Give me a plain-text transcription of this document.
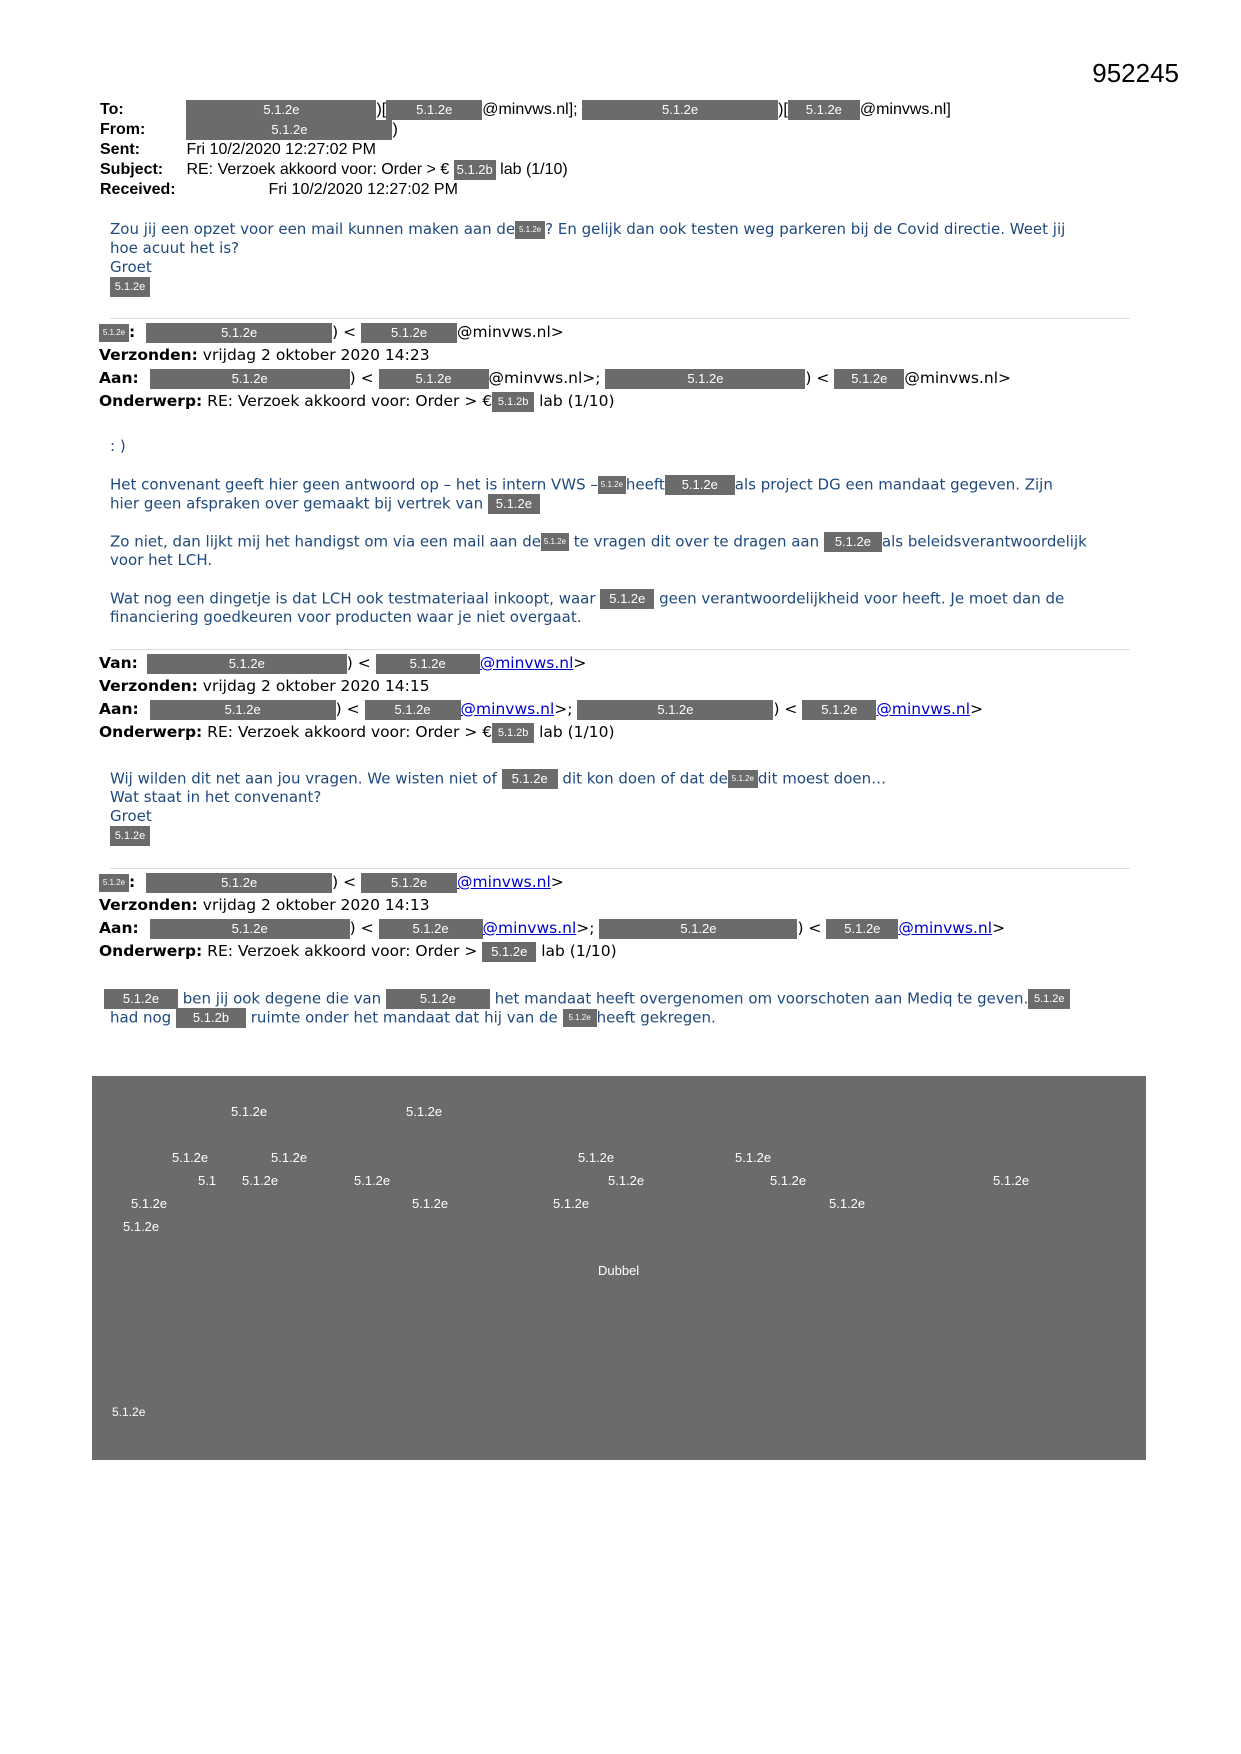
952245
To:	5.1.2e	)[ 5.1.2e @minvws.nl];	5.1.2e	)[ 5.1.2e @minvws.nl]
From:	5.1.2e	)
Sent:	Fri 10/2/2020 12:27:02 PM
Subject: RE: Verzoek akkoord voor: Order > € 5.1.2b lab (1/10)
Received:	Fri 10/2/2020 12:27:02 PM
Zou jij een opzet voor een mail kunnen maken aan de 5.1.2e ? En gelijk dan ook testen weg parkeren bij de Covid directie. Weet jij
hoe acuut het is?
Groet
5.1.2e
5.1.2e :	5.1.2e	) <	5.1.2e @minvws.nl>
Verzonden: vrijdag 2 oktober 2020 14:23
Aan:	5.1.2e	) <	5.1.2e @minvws.nl>;	5.1.2e	) < 5.1.2e @minvws.nl>
Onderwerp: RE: Verzoek akkoord voor: Order > € 5.1.2b lab (1/10)
: )
Het convenant geeft hier geen antwoord op – het is intern VWS – 5.1.2e heeft 5.1.2e als project DG een mandaat gegeven. Zijn
hier geen afspraken over gemaakt bij vertrek van 5.1.2e
Zo niet, dan lijkt mij het handigst om via een mail aan de 5.1.2e te vragen dit over te dragen aan 5.1.2e als beleidsverantwoordelijk
voor het LCH.
Wat nog een dingetje is dat LCH ook testmateriaal inkoopt, waar 5.1.2e geen verantwoordelijkheid voor heeft. Je moet dan de
financiering goedkeuren voor producten waar je niet overgaat.
Van:	5.1.2e	) <	5.1.2e @minvws.nl>
Verzonden: vrijdag 2 oktober 2020 14:15
Aan:	5.1.2e	) <	5.1.2e @minvws.nl>;	5.1.2e	) < 5.1.2e @minvws.nl>
Onderwerp: RE: Verzoek akkoord voor: Order > € 5.1.2b lab (1/10)
Wij wilden dit net aan jou vragen. We wisten niet of 5.1.2e dit kon doen of dat de 5.1.2e dit moest doen…
Wat staat in het convenant?
Groet
5.1.2e
5.1.2e :	5.1.2e	) <	5.1.2e @minvws.nl>
Verzonden: vrijdag 2 oktober 2020 14:13
Aan:	5.1.2e	) <	5.1.2e @minvws.nl>;	5.1.2e	) < 5.1.2e @minvws.nl>
Onderwerp: RE: Verzoek akkoord voor: Order > 5.1.2e lab (1/10)
5.1.2e ben jij ook degene die van	5.1.2e	het mandaat heeft overgenomen om voorschoten aan Mediq te geven. 5.1.2e
had nog 5.1.2b ruimte onder het mandaat dat hij van de 5.1.2e heeft gekregen.
5.1.2e	5.1.2e
5.1.2e	5.1.2e	5.1.2e	5.1.2e
5.1 5.1.2e	5.1.2e	5.1.2e	5.1.2e	5.1.2e
5.1.2e	5.1.2e	5.1.2e	5.1.2e
5.1.2e
Dubbel
5.1.2e
